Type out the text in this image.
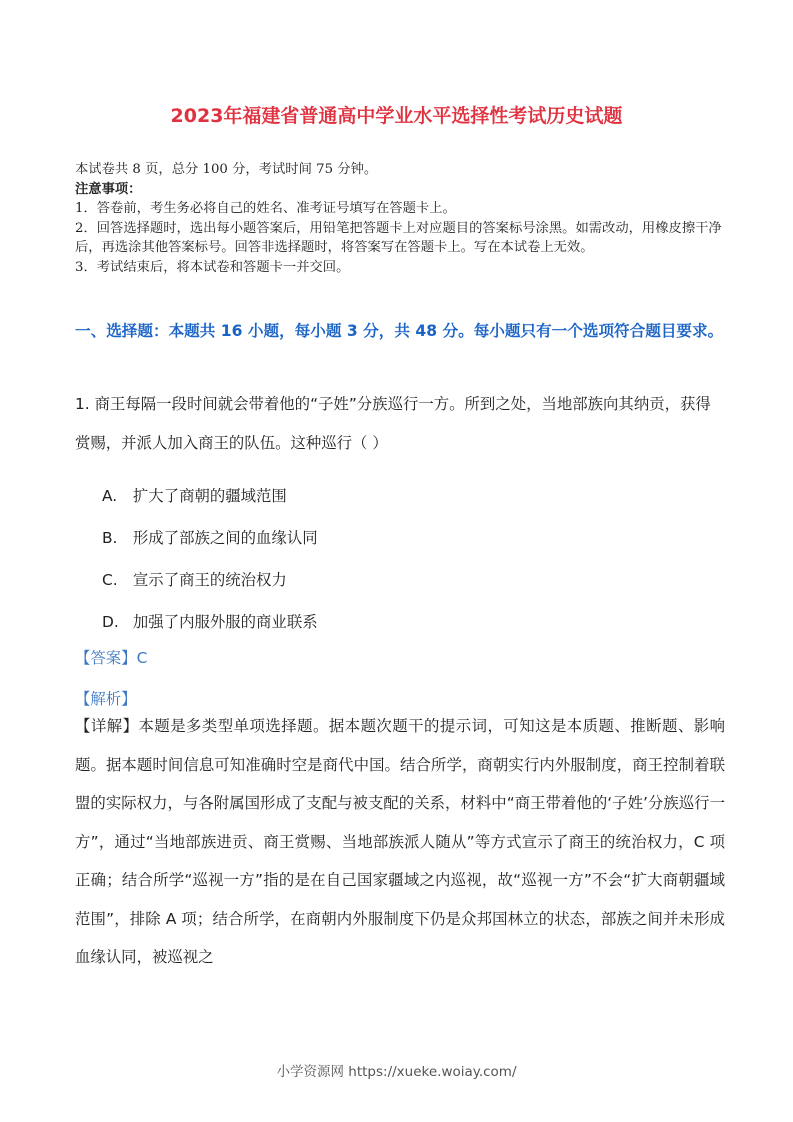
2023年福建省普通高中学业水平选择性考试历史试题
本试卷共 8 页，总分 100 分，考试时间 75 分钟。
注意事项：
1．答卷前，考生务必将自己的姓名、准考证号填写在答题卡上。
2．回答选择题时，选出每小题答案后，用铅笔把答题卡上对应题目的答案标号涂黑。如需改动，用橡皮擦干净后，再选涂其他答案标号。回答非选择题时，将答案写在答题卡上。写在本试卷上无效。
3．考试结束后，将本试卷和答题卡一并交回。
一、选择题：本题共 16 小题，每小题 3 分，共 48 分。每小题只有一个选项符合题目要求。
1. 商王每隔一段时间就会带着他的“子姓”分族巡行一方。所到之处，当地部族向其纳贡，获得赏赐，并派人加入商王的队伍。这种巡行（ ）
A. 扩大了商朝的疆域范围
B. 形成了部族之间的血缘认同
C. 宣示了商王的统治权力
D. 加强了内服外服的商业联系
【答案】C
【解析】

【详解】本题是多类型单项选择题。据本题次题干的提示词，可知这是本质题、推断题、影响题。据本题时间信息可知准确时空是商代中国。结合所学，商朝实行内外服制度，商王控制着联盟的实际权力，与各附属国形成了支配与被支配的关系，材料中“商王带着他的‘子姓’分族巡行一方”，通过“当地部族进贡、商王赏赐、当地部族派人随从”等方式宣示了商王的统治权力，C 项正确；结合所学“巡视一方”指的是在自己国家疆域之内巡视，故“巡视一方”不会“扩大商朝疆域范围”，排除 A 项；结合所学，在商朝内外服制度下仍是众邦国林立的状态，部族之间并未形成血缘认同，被巡视之

小学资源网 https://xueke.woiay.com/
